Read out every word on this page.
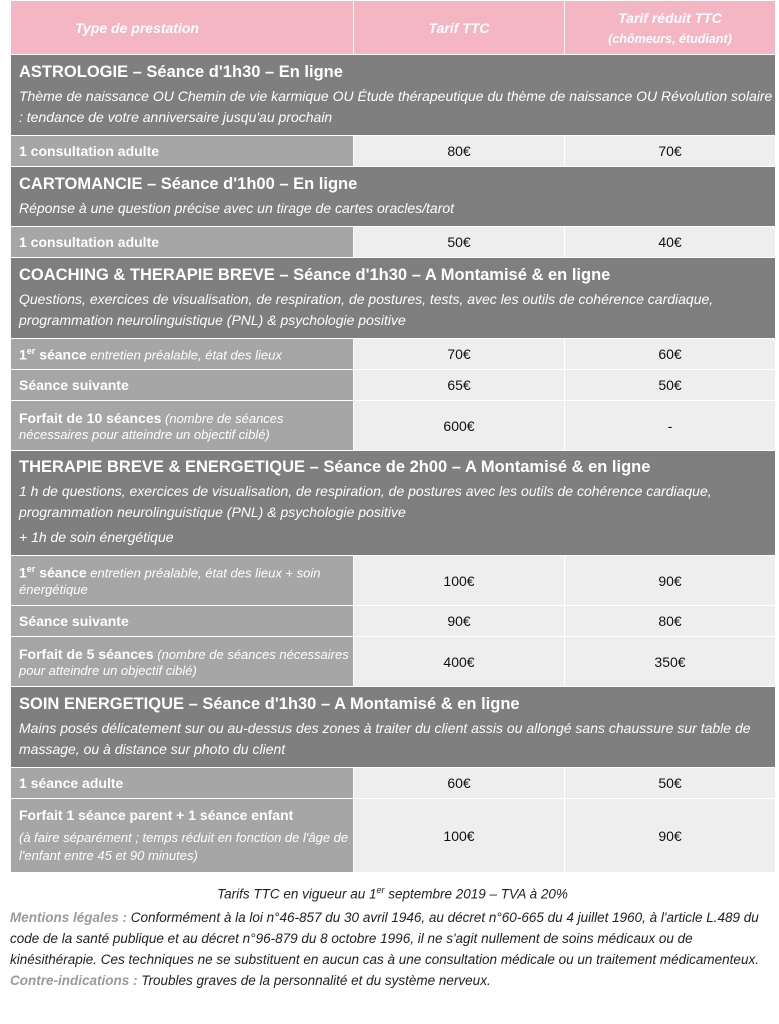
Type de prestation	Tarif TTC	Tarif réduit TTC
(chômeurs, étudiant)

ASTROLOGIE – Séance d'1h30 – En ligne
Thème de naissance OU Chemin de vie karmique OU Étude thérapeutique du thème de naissance OU Révolution solaire : tendance de votre anniversaire jusqu'au prochain		

1 consultation adulte	80€	70€

CARTOMANCIE – Séance d'1h00 – En ligne
Réponse à une question précise avec un tirage de cartes oracles/tarot		

1 consultation adulte	50€	40€

COACHING & THERAPIE BREVE – Séance d'1h30 – A Montamisé & en ligne
Questions, exercices de visualisation, de respiration, de postures, tests, avec les outils de cohérence cardiaque, programmation neurolinguistique (PNL) & psychologie positive		

1er séance entretien préalable, état des lieux	70€	60€
Séance suivante	65€	50€
Forfait de 10 séances (nombre de séances nécessaires pour atteindre un objectif ciblé)	600€	-

THERAPIE BREVE & ENERGETIQUE – Séance de 2h00 – A Montamisé & en ligne
1 h de questions, exercices de visualisation, de respiration, de postures avec les outils de cohérence cardiaque, programmation neurolinguistique (PNL) & psychologie positive
+ 1h de soin énergétique		

1er séance entretien préalable, état des lieux + soin énergétique	100€	90€
Séance suivante	90€	80€
Forfait de 5 séances (nombre de séances nécessaires pour atteindre un objectif ciblé)	400€	350€

SOIN ENERGETIQUE – Séance d'1h30 – A Montamisé & en ligne
Mains posés délicatement sur ou au-dessus des zones à traiter du client assis ou allongé sans chaussure sur table de massage, ou à distance sur photo du client		

1 séance adulte	60€	50€

Forfait 1 séance parent + 1 séance enfant
(à faire séparément ; temps réduit en fonction de l'âge de l'enfant entre 45 et 90 minutes)	100€	90€
Tarifs TTC en vigueur au 1er septembre 2019 – TVA à 20%
Mentions légales : Conformément à la loi n°46-857 du 30 avril 1946, au décret n°60-665 du 4 juillet 1960, à l'article L.489 du code de la santé publique et au décret n°96-879 du 8 octobre 1996, il ne s'agit nullement de soins médicaux ou de kinésithérapie. Ces techniques ne se substituent en aucun cas à une consultation médicale ou un traitement médicamenteux. Contre-indications : Troubles graves de la personnalité et du système nerveux.
